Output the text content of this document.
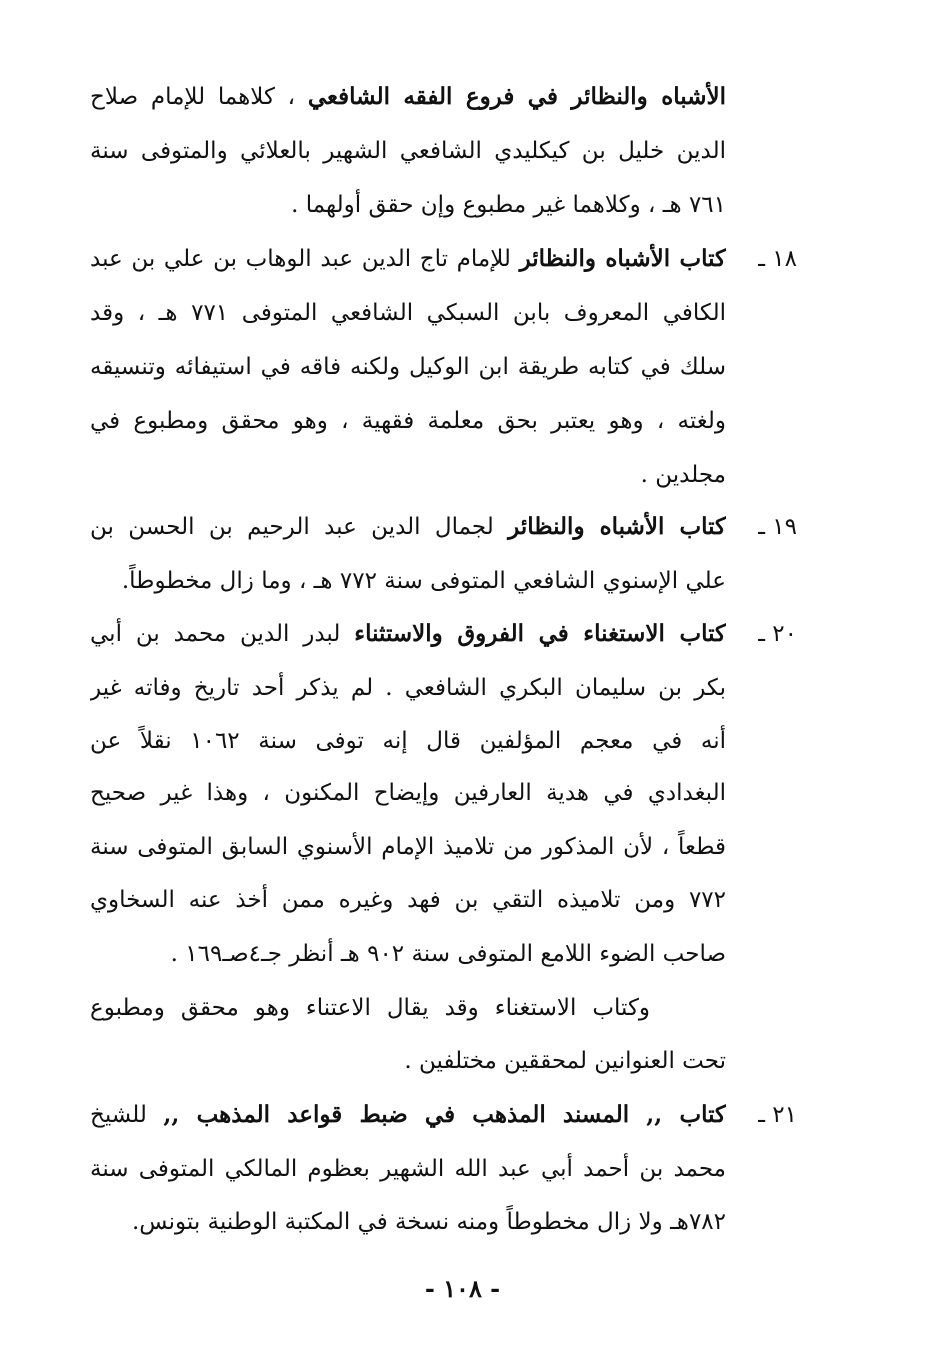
الأشباه والنظائر في فروع الفقه الشافعي ، كلاهما للإمام صلاح
الدين خليل بن كيكليدي الشافعي الشهير بالعلائي والمتوفى سنة
٧٦١ هـ ، وكلاهما غير مطبوع وإن حقق أولهما .
١٨ ـ
كتاب الأشباه والنظائر للإمام تاج الدين عبد الوهاب بن علي بن عبد
الكافي المعروف بابن السبكي الشافعي المتوفى ٧٧١ هـ ، وقد
سلك في كتابه طريقة ابن الوكيل ولكنه فاقه في استيفائه وتنسيقه
ولغته ، وهو يعتبر بحق معلمة فقهية ، وهو محقق ومطبوع في
مجلدين .
١٩ ـ
كتاب الأشباه والنظائر لجمال الدين عبد الرحيم بن الحسن بن
علي الإسنوي الشافعي المتوفى سنة ٧٧٢ هـ ، وما زال مخطوطاً.
٢٠ ـ
كتاب الاستغناء في الفروق والاستثناء لبدر الدين محمد بن أبي
بكر بن سليمان البكري الشافعي . لم يذكر أحد تاريخ وفاته غير
أنه في معجم المؤلفين قال إنه توفى سنة ١٠٦٢ نقلاً عن
البغدادي في هدية العارفين وإيضاح المكنون ، وهذا غير صحيح
قطعاً ، لأن المذكور من تلاميذ الإمام الأسنوي السابق المتوفى سنة
٧٧٢ ومن تلاميذه التقي بن فهد وغيره ممن أخذ عنه السخاوي
صاحب الضوء اللامع المتوفى سنة ٩٠٢ هـ أنظر جـ٤صـ١٦٩ .
وكتاب الاستغناء وقد يقال الاعتناء وهو محقق ومطبوع
تحت العنوانين لمحققين مختلفين .
٢١ ـ
كتاب ,, المسند المذهب في ضبط قواعد المذهب ,, للشيخ
محمد بن أحمد أبي عبد الله الشهير بعظوم المالكي المتوفى سنة
٧٨٢هـ ولا زال مخطوطاً ومنه نسخة في المكتبة الوطنية بتونس.
- ١٠٨ -
